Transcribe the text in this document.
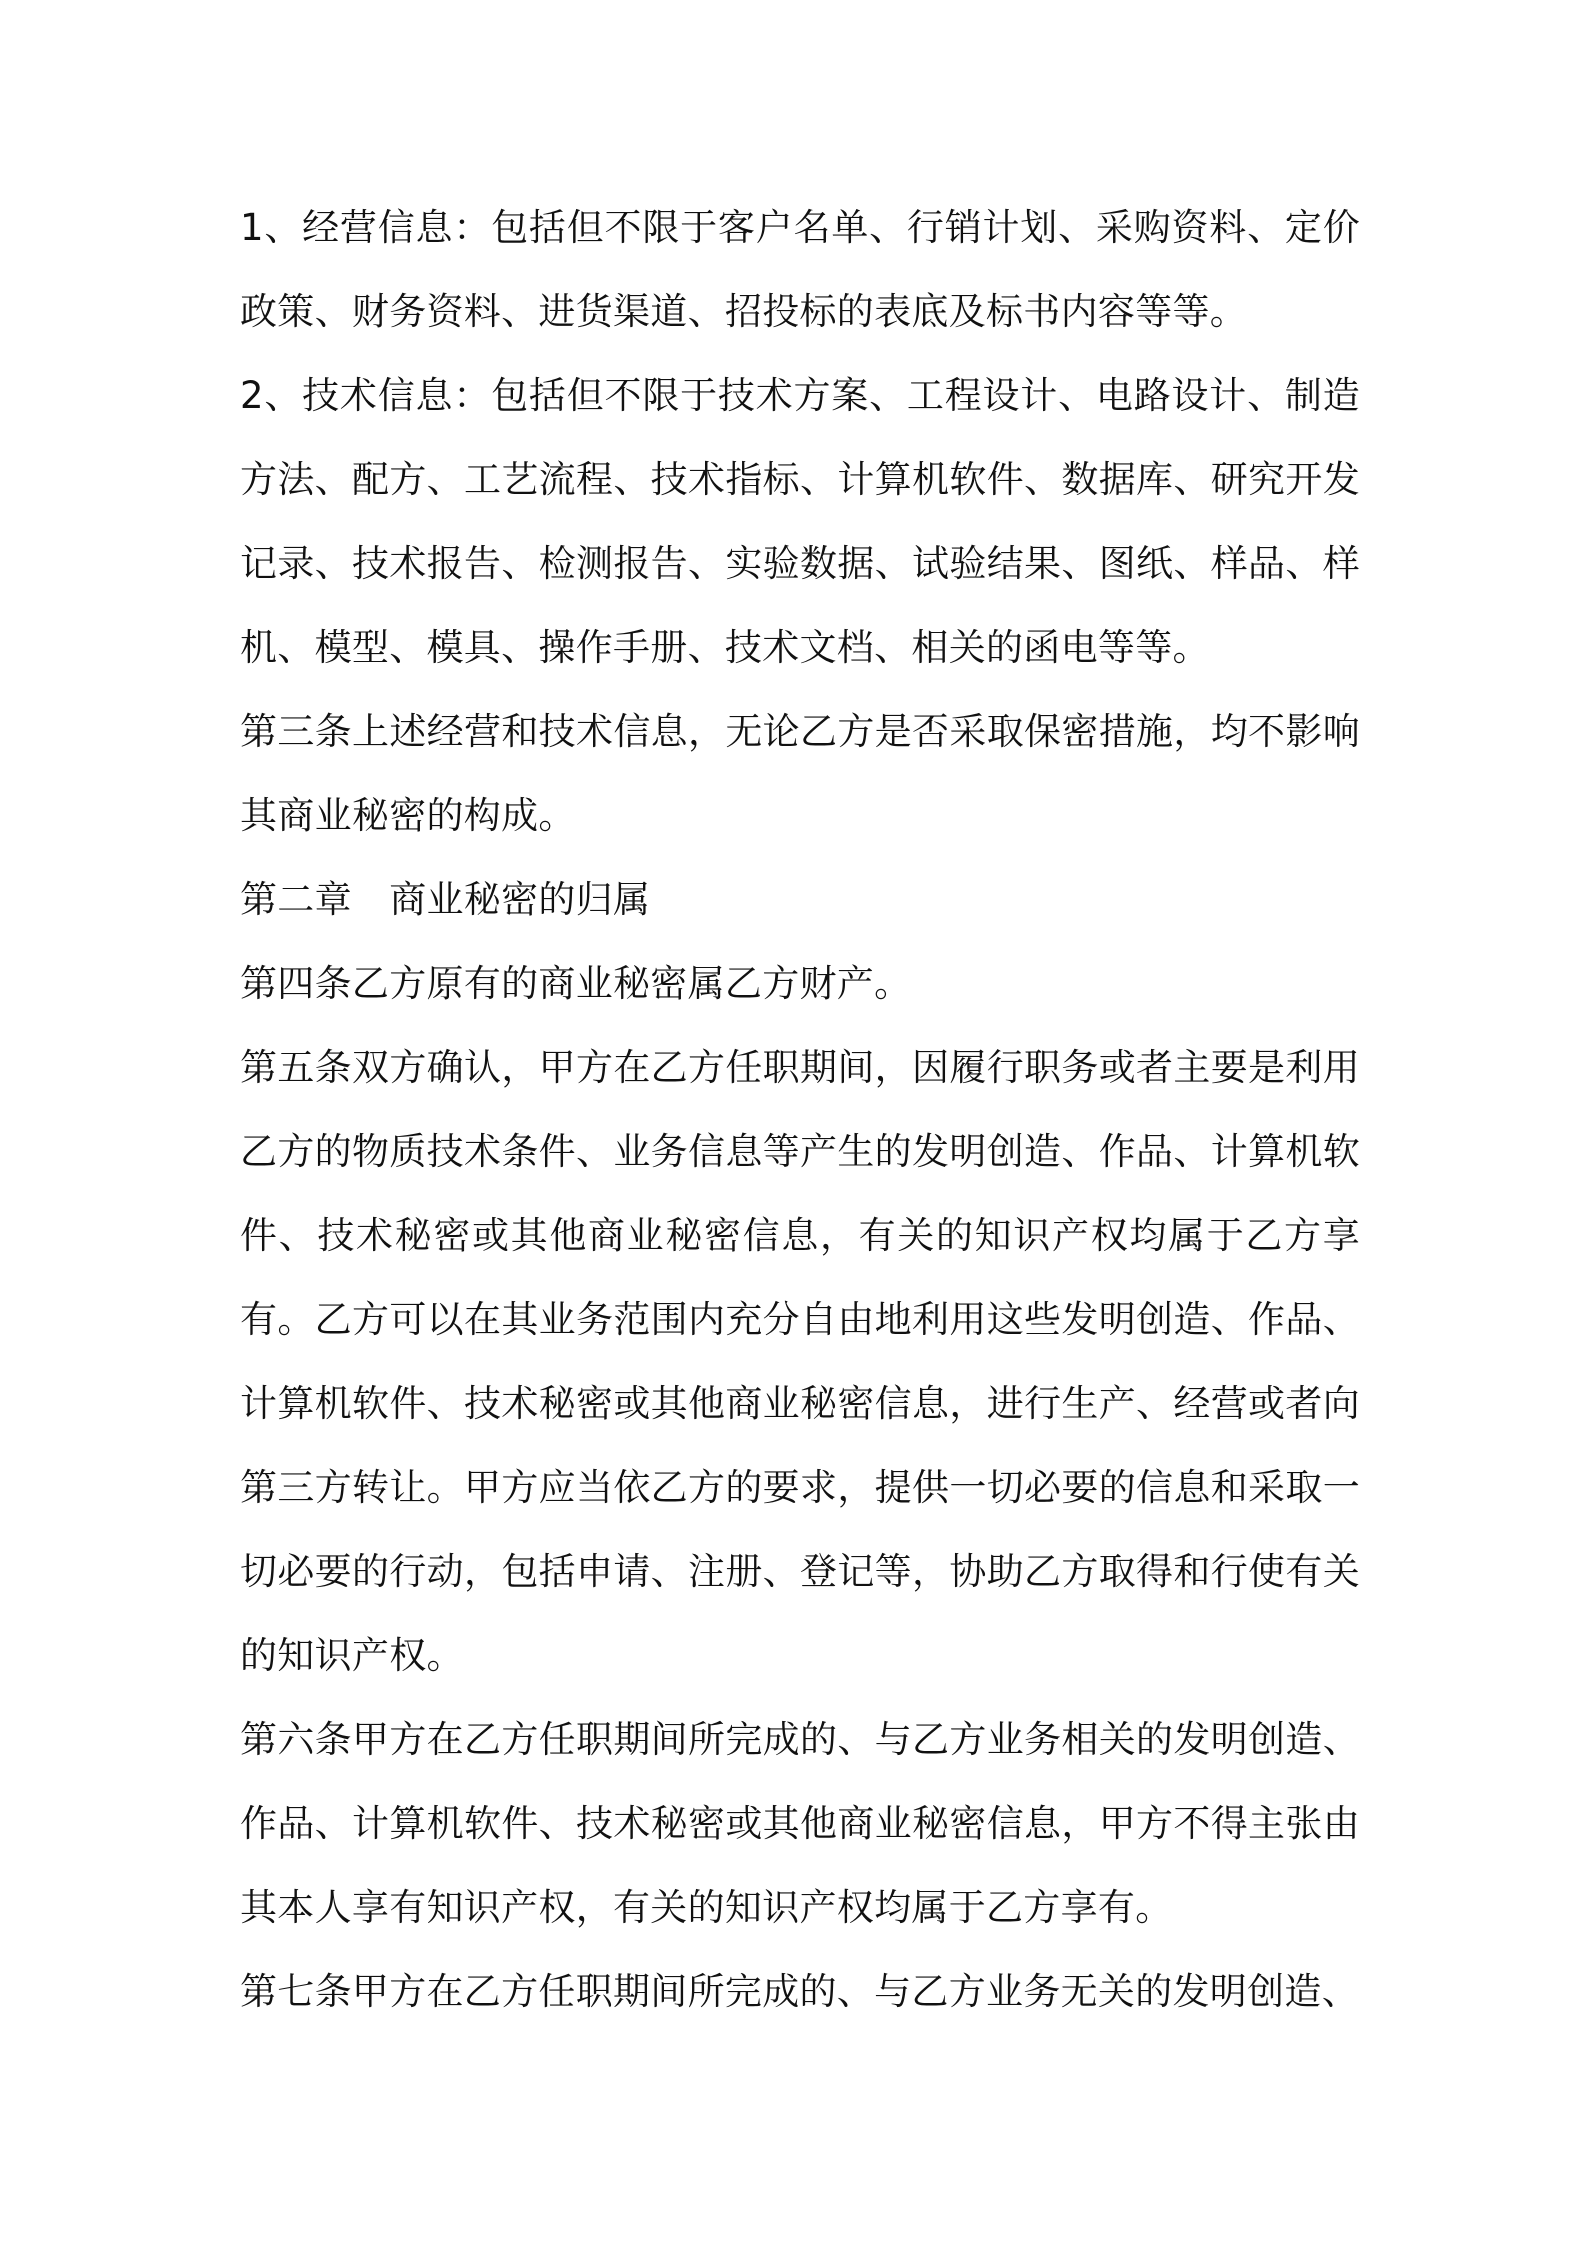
1、经营信息：包括但不限于客户名单、行销计划、采购资料、定价政策、财务资料、进货渠道、招投标的表底及标书内容等等。

2、技术信息：包括但不限于技术方案、工程设计、电路设计、制造方法、配方、工艺流程、技术指标、计算机软件、数据库、研究开发记录、技术报告、检测报告、实验数据、试验结果、图纸、样品、样机、模型、模具、操作手册、技术文档、相关的函电等等。

第三条上述经营和技术信息，无论乙方是否采取保密措施，均不影响其商业秘密的构成。

第二章　商业秘密的归属

第四条乙方原有的商业秘密属乙方财产。

第五条双方确认，甲方在乙方任职期间，因履行职务或者主要是利用乙方的物质技术条件、业务信息等产生的发明创造、作品、计算机软件、技术秘密或其他商业秘密信息，有关的知识产权均属于乙方享有。乙方可以在其业务范围内充分自由地利用这些发明创造、作品、计算机软件、技术秘密或其他商业秘密信息，进行生产、经营或者向第三方转让。甲方应当依乙方的要求，提供一切必要的信息和采取一切必要的行动，包括申请、注册、登记等，协助乙方取得和行使有关的知识产权。

第六条甲方在乙方任职期间所完成的、与乙方业务相关的发明创造、作品、计算机软件、技术秘密或其他商业秘密信息，甲方不得主张由其本人享有知识产权，有关的知识产权均属于乙方享有。

第七条甲方在乙方任职期间所完成的、与乙方业务无关的发明创造、
